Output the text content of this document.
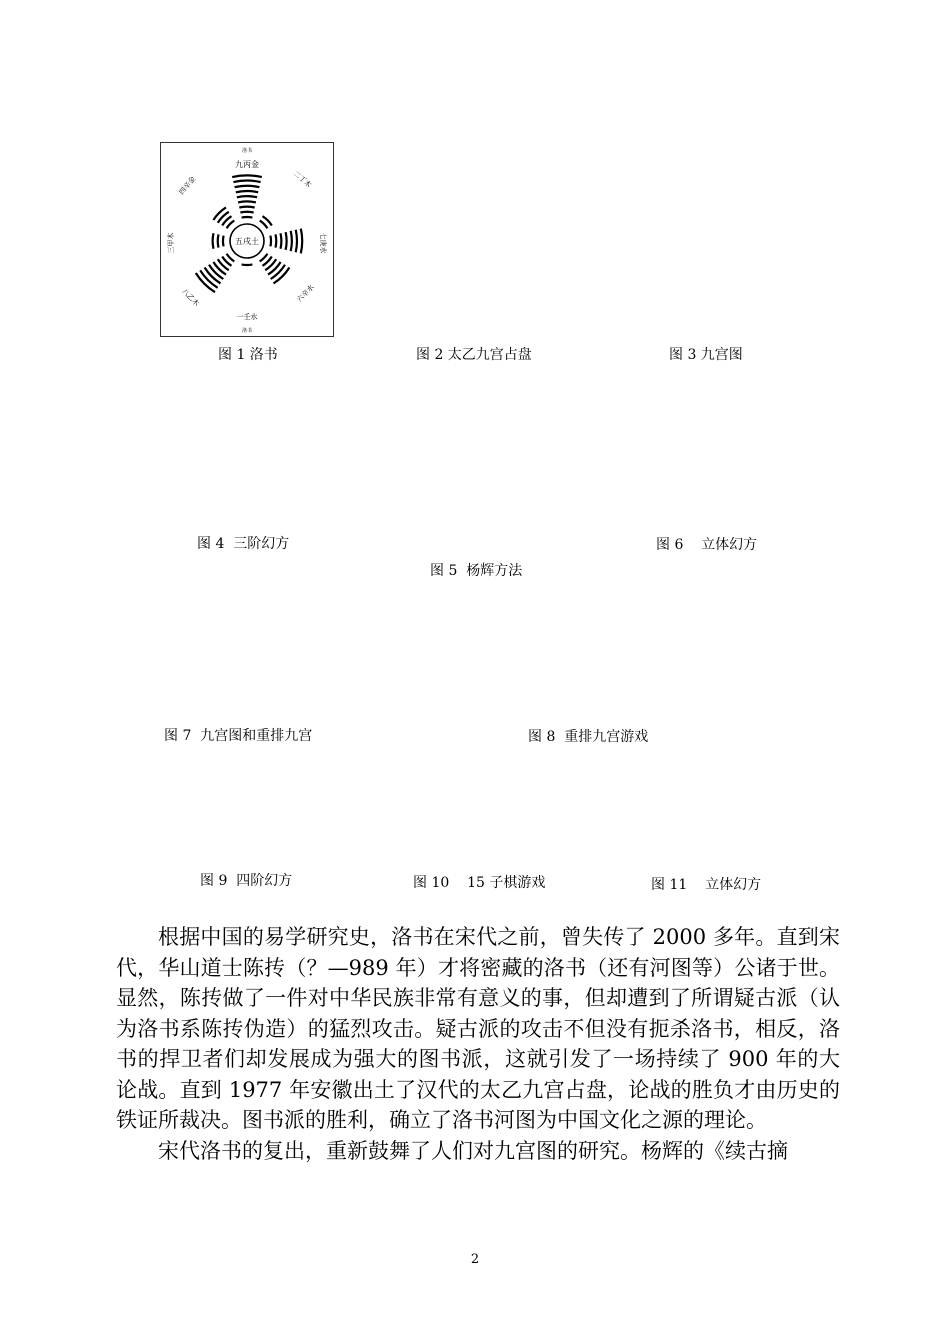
洛书
五戌土
九丙金
一壬水
三甲木	七庚水
二丁木
四辛金
六辛水
八乙木
洛书
图 1 洛书	图 2 太乙九宫占盘	图 3 九宫图
图 4  三阶幻方
图 5  杨辉方法
图 6    立体幻方
图 7  九宫图和重排九宫	图 8  重排九宫游戏
图 9  四阶幻方	图 10    15 子棋游戏	图 11    立体幻方

根据中国的易学研究史，洛书在宋代之前，曾失传了 2000 多年。直到宋代，华山道士陈抟（？—989 年）才将密藏的洛书（还有河图等）公诸于世。显然，陈抟做了一件对中华民族非常有意义的事，但却遭到了所谓疑古派（认为洛书系陈抟伪造）的猛烈攻击。疑古派的攻击不但没有扼杀洛书，相反，洛书的捍卫者们却发展成为强大的图书派，这就引发了一场持续了 900 年的大论战。直到 1977 年安徽出土了汉代的太乙九宫占盘，论战的胜负才由历史的铁证所裁决。图书派的胜利，确立了洛书河图为中国文化之源的理论。

宋代洛书的复出，重新鼓舞了人们对九宫图的研究。杨辉的《续古摘

2
